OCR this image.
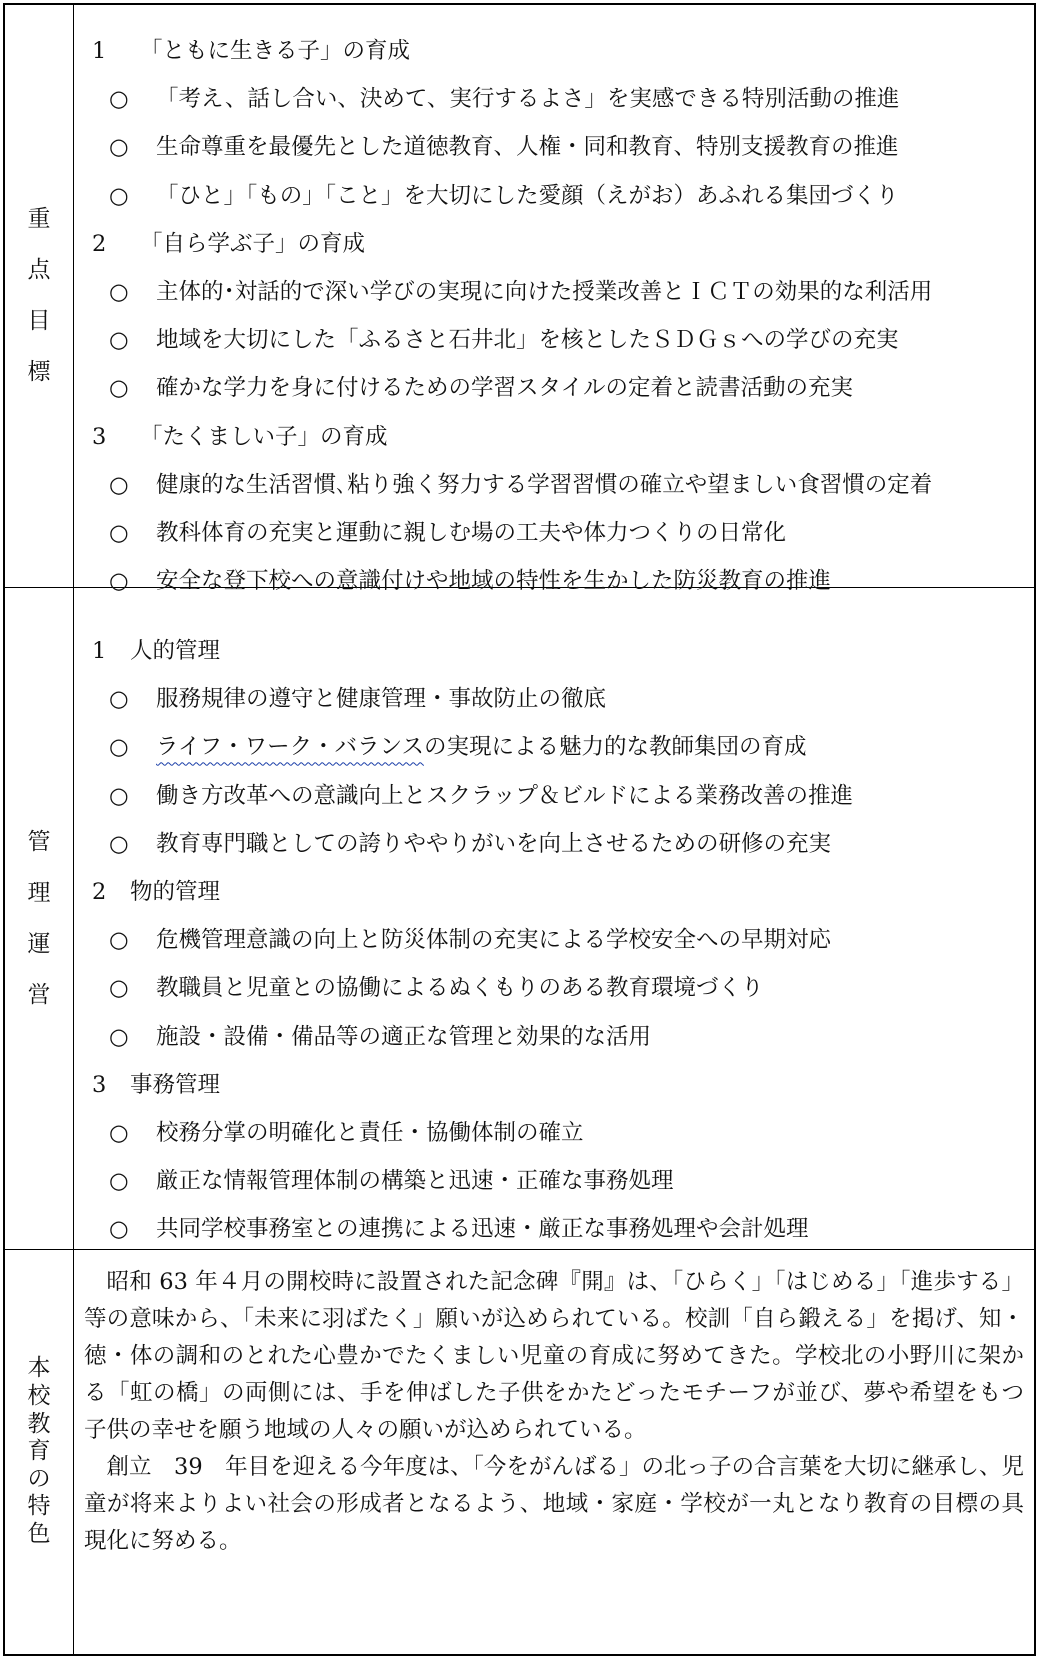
重
点
目
標
1 「ともに生きる子」の育成
○ 「考え、話し合い、決めて、実行するよさ」を実感できる特別活動の推進
○ 生命尊重を最優先とした道徳教育、人権・同和教育、特別支援教育の推進
○ 「ひと」「もの」「こと」を大切にした愛顔（えがお）あふれる集団づくり
2 「自ら学ぶ子」の育成
○ 主体的･対話的で深い学びの実現に向けた授業改善とＩＣＴの効果的な利活用
○ 地域を大切にした「ふるさと石井北」を核としたＳＤＧｓへの学びの充実
○ 確かな学力を身に付けるための学習スタイルの定着と読書活動の充実
3 「たくましい子」の育成
○ 健康的な生活習慣､粘り強く努力する学習習慣の確立や望ましい食習慣の定着
○ 教科体育の充実と運動に親しむ場の工夫や体力つくりの日常化
○ 安全な登下校への意識付けや地域の特性を生かした防災教育の推進
管
理
運
営
1 人的管理
○ 服務規律の遵守と健康管理・事故防止の徹底
○ ライフ・ワーク・バランスの実現による魅力的な教師集団の育成
○ 働き方改革への意識向上とスクラップ＆ビルドによる業務改善の推進
○ 教育専門職としての誇りややりがいを向上させるための研修の充実
2 物的管理
○ 危機管理意識の向上と防災体制の充実による学校安全への早期対応
○ 教職員と児童との協働によるぬくもりのある教育環境づくり
○ 施設・設備・備品等の適正な管理と効果的な活用
3 事務管理
○ 校務分掌の明確化と責任・協働体制の確立
○ 厳正な情報管理体制の構築と迅速・正確な事務処理
○ 共同学校事務室との連携による迅速・厳正な事務処理や会計処理
本
校
教
育
の
特
色

昭和 63 年４月の開校時に設置された記念碑『開』は、「ひらく」「はじめる」「進歩する」等の意味から、「未来に羽ばたく」願いが込められている。校訓「自ら鍛える」を掲げ、知・徳・体の調和のとれた心豊かでたくましい児童の育成に努めてきた。学校北の小野川に架かる「虹の橋」の両側には、手を伸ばした子供をかたどったモチーフが並び、夢や希望をもつ子供の幸せを願う地域の人々の願いが込められている。

創立　39　年目を迎える今年度は、「今をがんばる」の北っ子の合言葉を大切に継承し、児童が将来よりよい社会の形成者となるよう、地域・家庭・学校が一丸となり教育の目標の具現化に努める。
